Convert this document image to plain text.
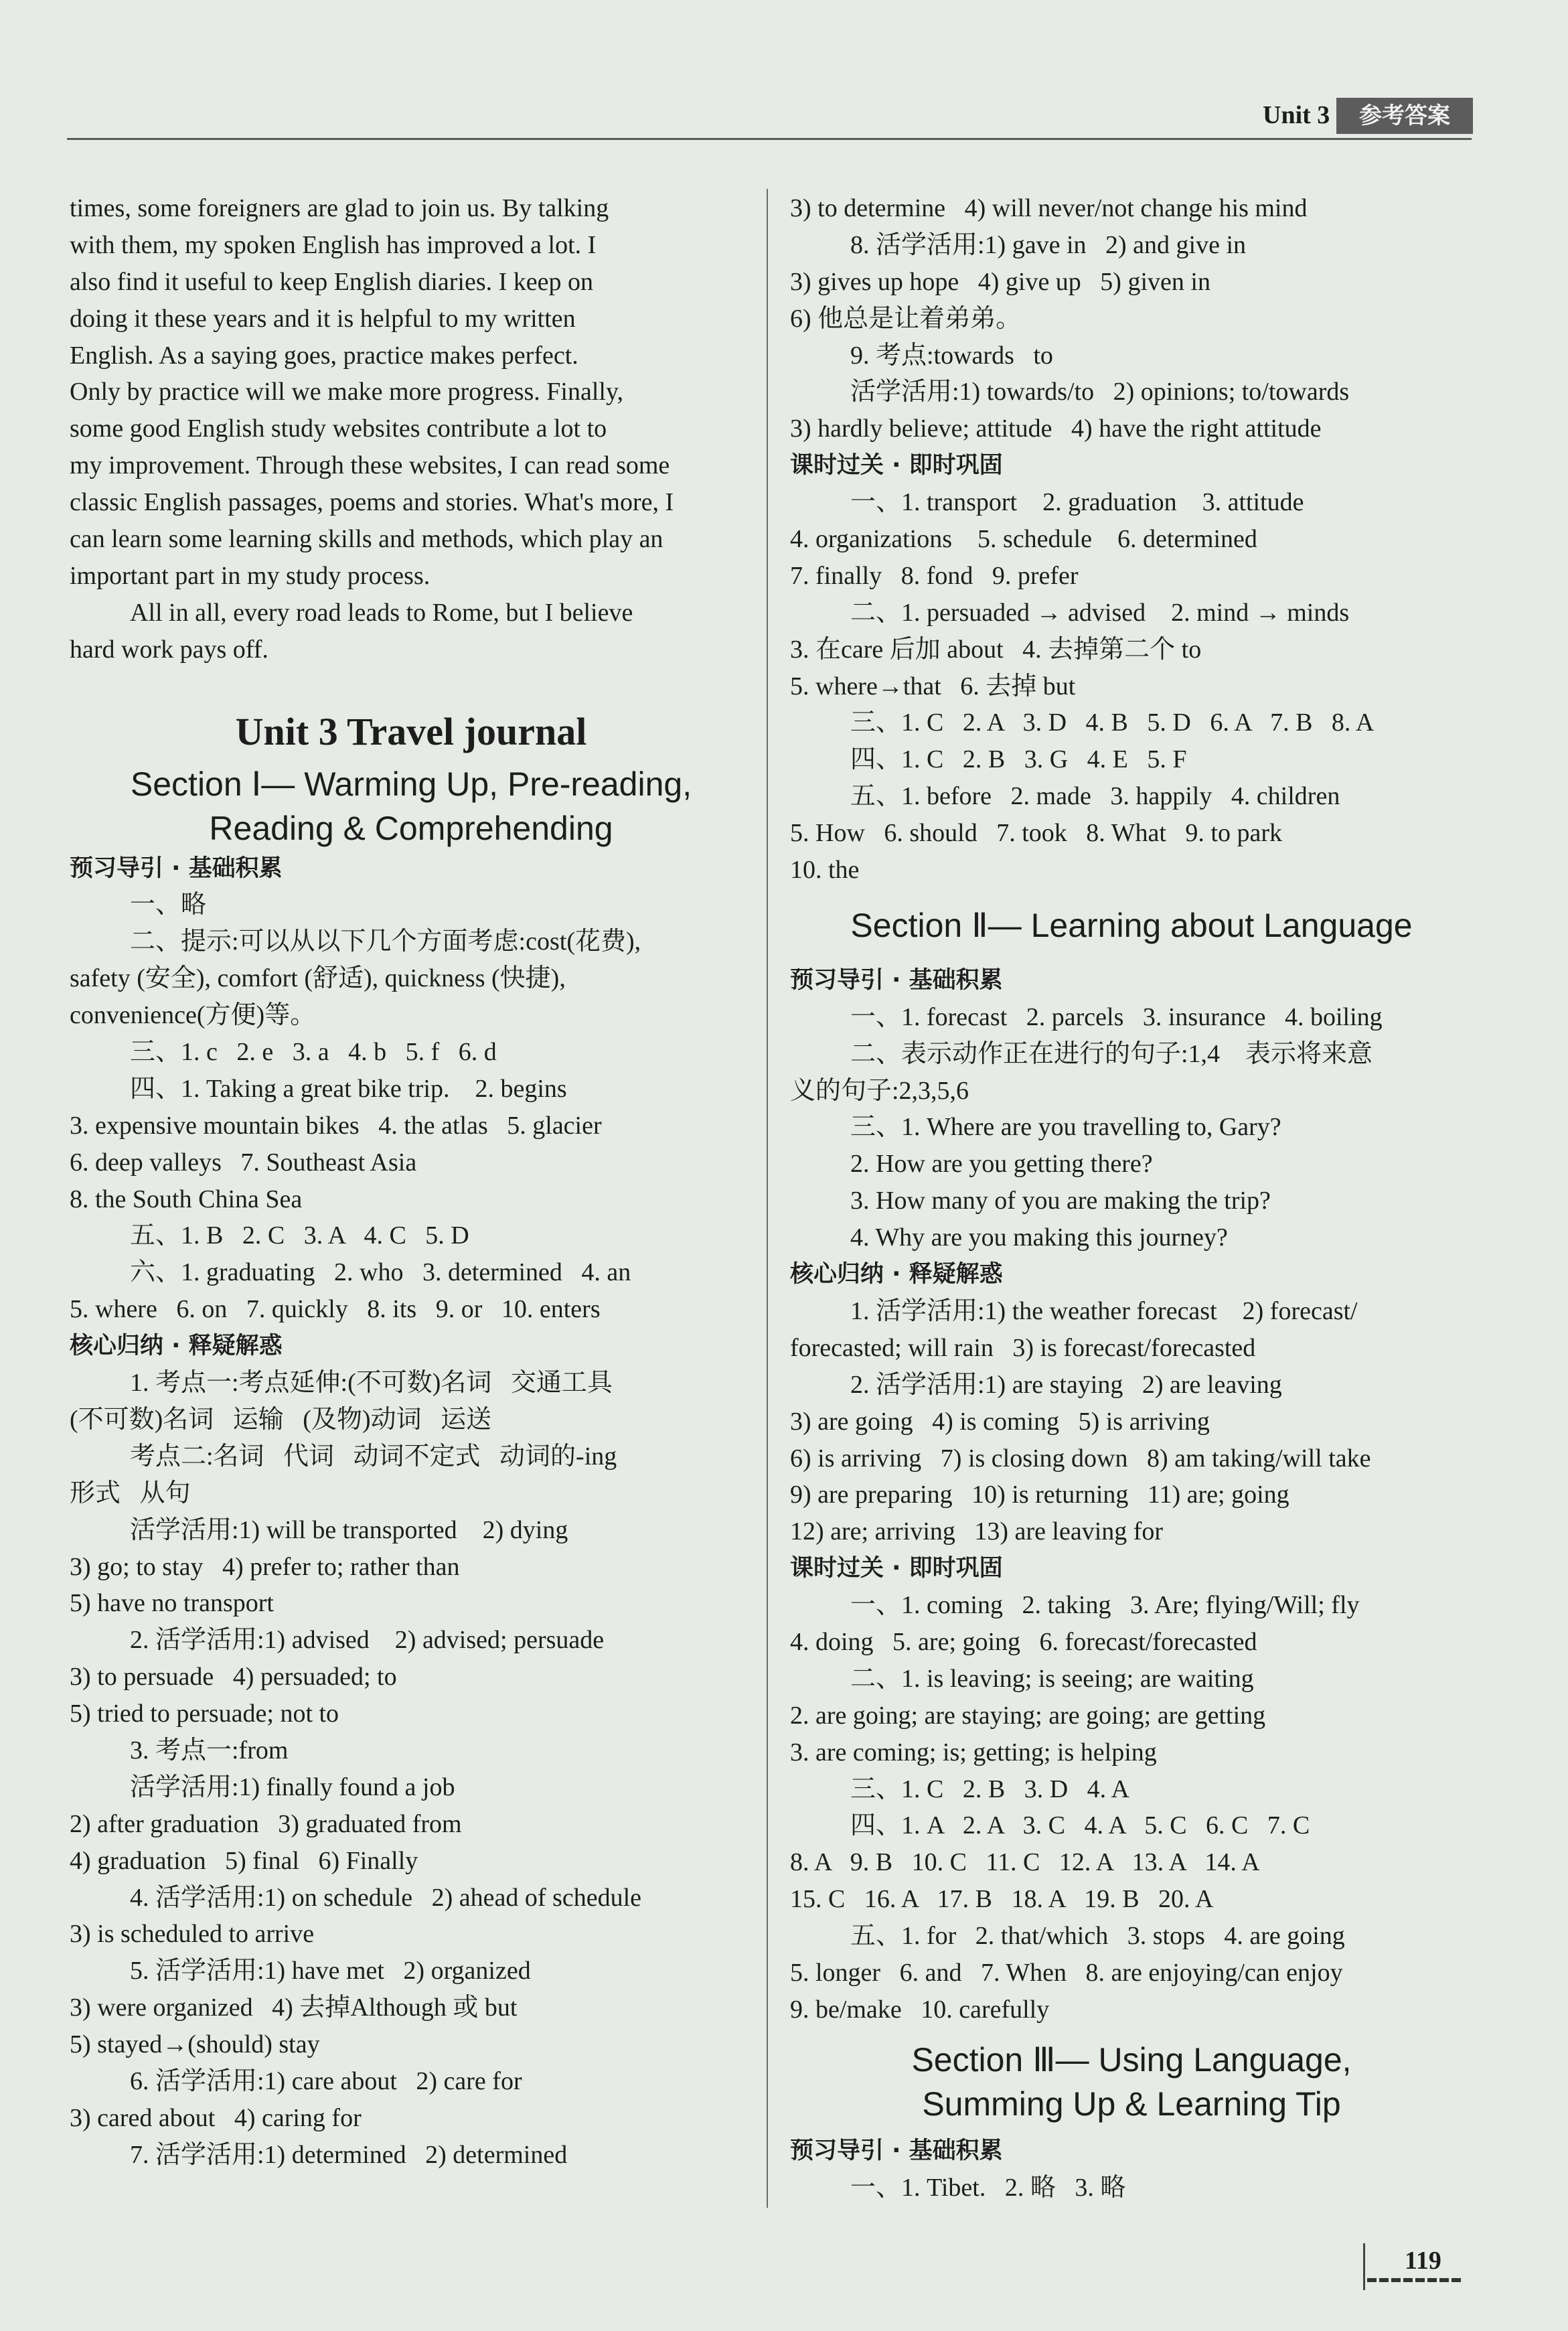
Unit 3	参考答案
times, some foreigners are glad to join us. By talking
with them, my spoken English has improved a lot. I
also find it useful to keep English diaries. I keep on
doing it these years and it is helpful to my written
English. As a saying goes, practice makes perfect.
Only by practice will we make more progress. Finally,
some good English study websites contribute a lot to
my improvement. Through these websites, I can read some
classic English passages, poems and stories. What's more, I
can learn some learning skills and methods, which play an
important part in my study process.
All in all, every road leads to Rome, but I believe
hard work pays off.
Unit 3 Travel journal
Section Ⅰ— Warming Up, Pre-reading,
Reading & Comprehending
预习导引 · 基础积累
一、略
二、提示:可以从以下几个方面考虑:cost(花费),
safety (安全), comfort (舒适), quickness (快捷),
convenience(方便)等。
三、1. c   2. e   3. a   4. b   5. f   6. d
四、1. Taking a great bike trip.    2. begins
3. expensive mountain bikes   4. the atlas   5. glacier
6. deep valleys   7. Southeast Asia
8. the South China Sea
五、1. B   2. C   3. A   4. C   5. D
六、1. graduating   2. who   3. determined   4. an
5. where   6. on   7. quickly   8. its   9. or   10. enters
核心归纳 · 释疑解惑
1. 考点一:考点延伸:(不可数)名词   交通工具
(不可数)名词   运输   (及物)动词   运送
考点二:名词   代词   动词不定式   动词的-ing
形式   从句
活学活用:1) will be transported    2) dying
3) go; to stay   4) prefer to; rather than
5) have no transport
2. 活学活用:1) advised    2) advised; persuade
3) to persuade   4) persuaded; to
5) tried to persuade; not to
3. 考点一:from
活学活用:1) finally found a job
2) after graduation   3) graduated from
4) graduation   5) final   6) Finally
4. 活学活用:1) on schedule   2) ahead of schedule
3) is scheduled to arrive
5. 活学活用:1) have met   2) organized
3) were organized   4) 去掉Although 或 but
5) stayed→(should) stay
6. 活学活用:1) care about   2) care for
3) cared about   4) caring for
7. 活学活用:1) determined   2) determined
3) to determine   4) will never/not change his mind
8. 活学活用:1) gave in   2) and give in
3) gives up hope   4) give up   5) given in
6) 他总是让着弟弟。
9. 考点:towards   to
活学活用:1) towards/to   2) opinions; to/towards
3) hardly believe; attitude   4) have the right attitude
课时过关 · 即时巩固
一、1. transport    2. graduation    3. attitude
4. organizations    5. schedule    6. determined
7. finally   8. fond   9. prefer
二、1. persuaded → advised    2. mind → minds
3. 在care 后加 about   4. 去掉第二个 to
5. where→that   6. 去掉 but
三、1. C   2. A   3. D   4. B   5. D   6. A   7. B   8. A
四、1. C   2. B   3. G   4. E   5. F
五、1. before   2. made   3. happily   4. children
5. How   6. should   7. took   8. What   9. to park
10. the
Section Ⅱ— Learning about Language
预习导引 · 基础积累
一、1. forecast   2. parcels   3. insurance   4. boiling
二、表示动作正在进行的句子:1,4    表示将来意
义的句子:2,3,5,6
三、1. Where are you travelling to, Gary?
2. How are you getting there?
3. How many of you are making the trip?
4. Why are you making this journey?
核心归纳 · 释疑解惑
1. 活学活用:1) the weather forecast    2) forecast/
forecasted; will rain   3) is forecast/forecasted
2. 活学活用:1) are staying   2) are leaving
3) are going   4) is coming   5) is arriving
6) is arriving   7) is closing down   8) am taking/will take
9) are preparing   10) is returning   11) are; going
12) are; arriving   13) are leaving for
课时过关 · 即时巩固
一、1. coming   2. taking   3. Are; flying/Will; fly
4. doing   5. are; going   6. forecast/forecasted
二、1. is leaving; is seeing; are waiting
2. are going; are staying; are going; are getting
3. are coming; is; getting; is helping
三、1. C   2. B   3. D   4. A
四、1. A   2. A   3. C   4. A   5. C   6. C   7. C
8. A   9. B   10. C   11. C   12. A   13. A   14. A
15. C   16. A   17. B   18. A   19. B   20. A
五、1. for   2. that/which   3. stops   4. are going
5. longer   6. and   7. When   8. are enjoying/can enjoy
9. be/make   10. carefully
Section Ⅲ— Using Language,
Summing Up & Learning Tip
预习导引 · 基础积累
一、1. Tibet.   2. 略   3. 略
119
